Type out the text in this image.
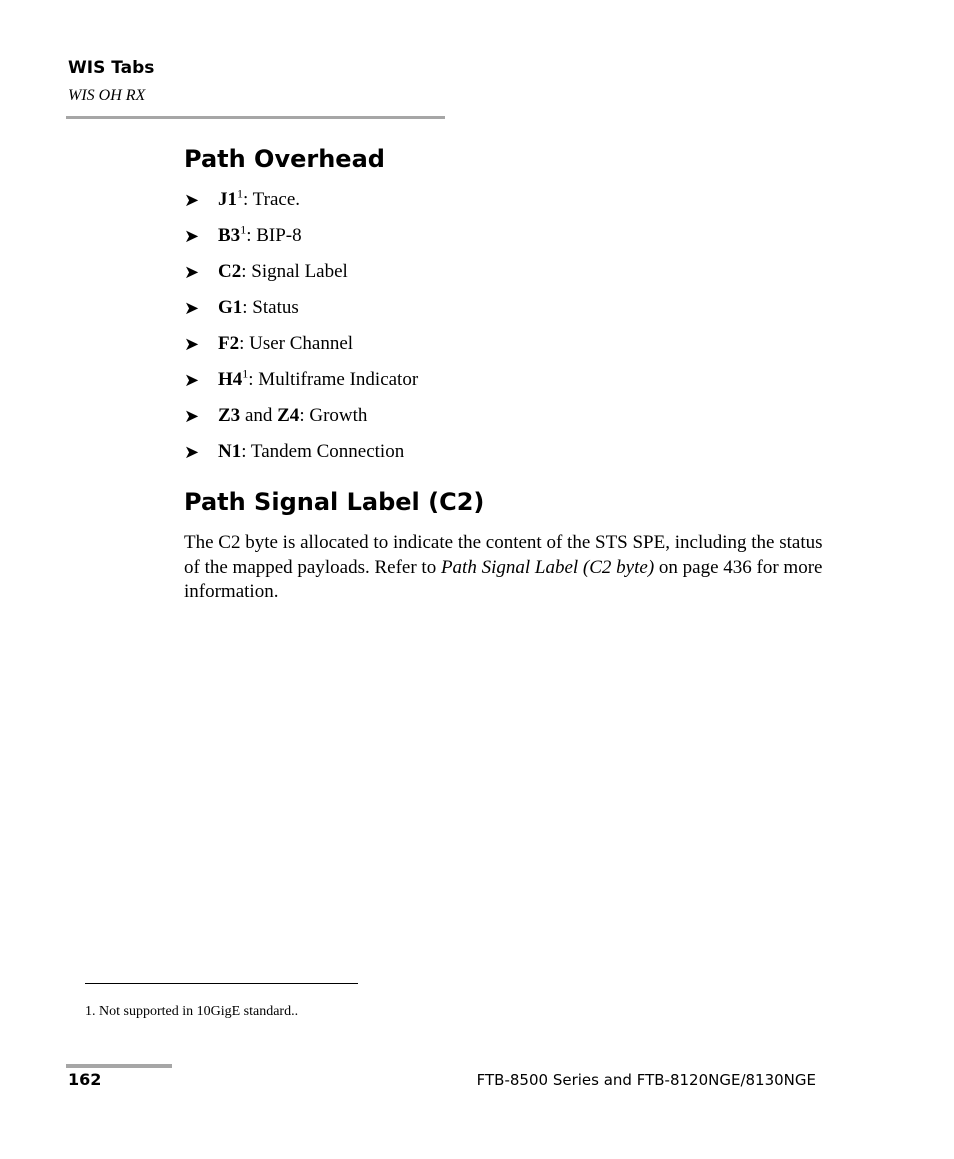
WIS Tabs
WIS OH RX
Path Overhead
➤ $J1^1$: Trace.
➤ $B3^1$: BIP-8
➤ C2: Signal Label
➤ G1: Status
➤ F2: User Channel
➤ $H4^1$: Multiframe Indicator
➤ Z3 and Z4: Growth
➤ N1: Tandem Connection
Path Signal Label (C2)
The C2 byte is allocated to indicate the content of the STS SPE, including the status of the mapped payloads. Refer to Path Signal Label (C2 byte) on page 436 for more information.
1. Not supported in 10GigE standard..
162	FTB-8500 Series and FTB-8120NGE/8130NGE
